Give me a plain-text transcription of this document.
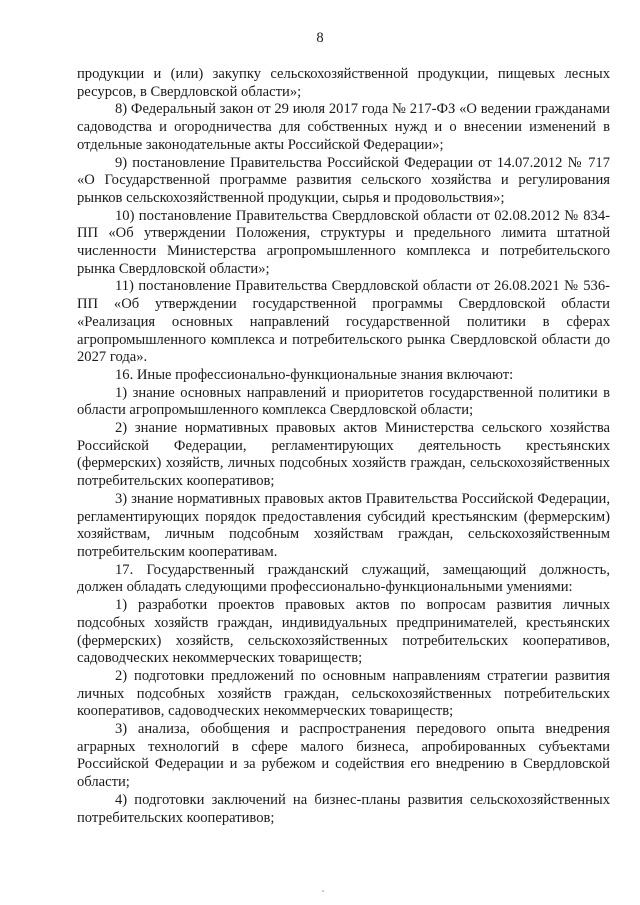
8

продукции и (или) закупку сельскохозяйственной продукции, пищевых лесных ресурсов, в Свердловской области»;

8) Федеральный закон от 29 июля 2017 года № 217-ФЗ «О ведении гражданами садоводства и огородничества для собственных нужд и о внесении изменений в отдельные законодательные акты Российской Федерации»;

9) постановление Правительства Российской Федерации от 14.07.2012 № 717 «О Государственной программе развития сельского хозяйства и регулирования рынков сельскохозяйственной продукции, сырья и продовольствия»;

10) постановление Правительства Свердловской области от 02.08.2012 № 834-ПП «Об утверждении Положения, структуры и предельного лимита штатной численности Министерства агропромышленного комплекса и потребительского рынка Свердловской области»;

11) постановление Правительства Свердловской области от 26.08.2021 № 536-ПП «Об утверждении государственной программы Свердловской области «Реализация основных направлений государственной политики в сферах агропромышленного комплекса и потребительского рынка Свердловской области до 2027 года».

16. Иные профессионально-функциональные знания включают:

1) знание основных направлений и приоритетов государственной политики в области агропромышленного комплекса Свердловской области;

2) знание нормативных правовых актов Министерства сельского хозяйства Российской Федерации, регламентирующих деятельность крестьянских (фермерских) хозяйств, личных подсобных хозяйств граждан, сельскохозяйственных потребительских кооперативов;

3) знание нормативных правовых актов Правительства Российской Федерации, регламентирующих порядок предоставления субсидий крестьянским (фермерским) хозяйствам, личным подсобным хозяйствам граждан, сельскохозяйственным потребительским кооперативам.

17. Государственный гражданский служащий, замещающий должность, должен обладать следующими профессионально-функциональными умениями:

1) разработки проектов правовых актов по вопросам развития личных подсобных хозяйств граждан, индивидуальных предпринимателей, крестьянских (фермерских) хозяйств, сельскохозяйственных потребительских кооперативов, садоводческих некоммерческих товариществ;

2) подготовки предложений по основным направлениям стратегии развития личных подсобных хозяйств граждан, сельскохозяйственных потребительских кооперативов, садоводческих некоммерческих товариществ;

3) анализа, обобщения и распространения передового опыта внедрения аграрных технологий в сфере малого бизнеса, апробированных субъектами Российской Федерации и за рубежом и содействия его внедрению в Свердловской области;

4) подготовки заключений на бизнес-планы развития сельскохозяйственных потребительских кооперативов;
